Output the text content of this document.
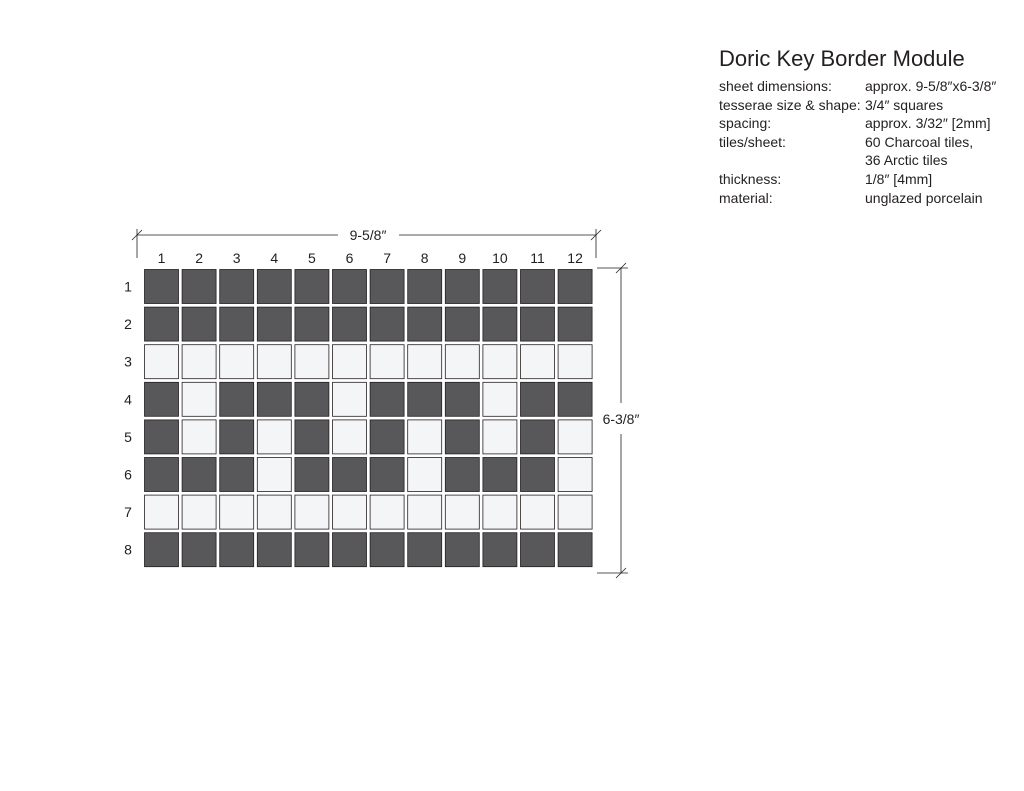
Doric Key Border Module
sheet dimensions:	approx. 9-5/8″x6-3/8″
tesserae size & shape: 3/4″ squares
spacing:	approx. 3/32″ [2mm]
tiles/sheet:	60 Charcoal tiles,
36 Arctic tiles
thickness:	1/8″ [4mm]
material:	unglazed porcelain
9-5/8″
6-3/8″
1 2 3 4 5 6 7 8 9 10 11 12
1
2
3
4
5
6
7
8
